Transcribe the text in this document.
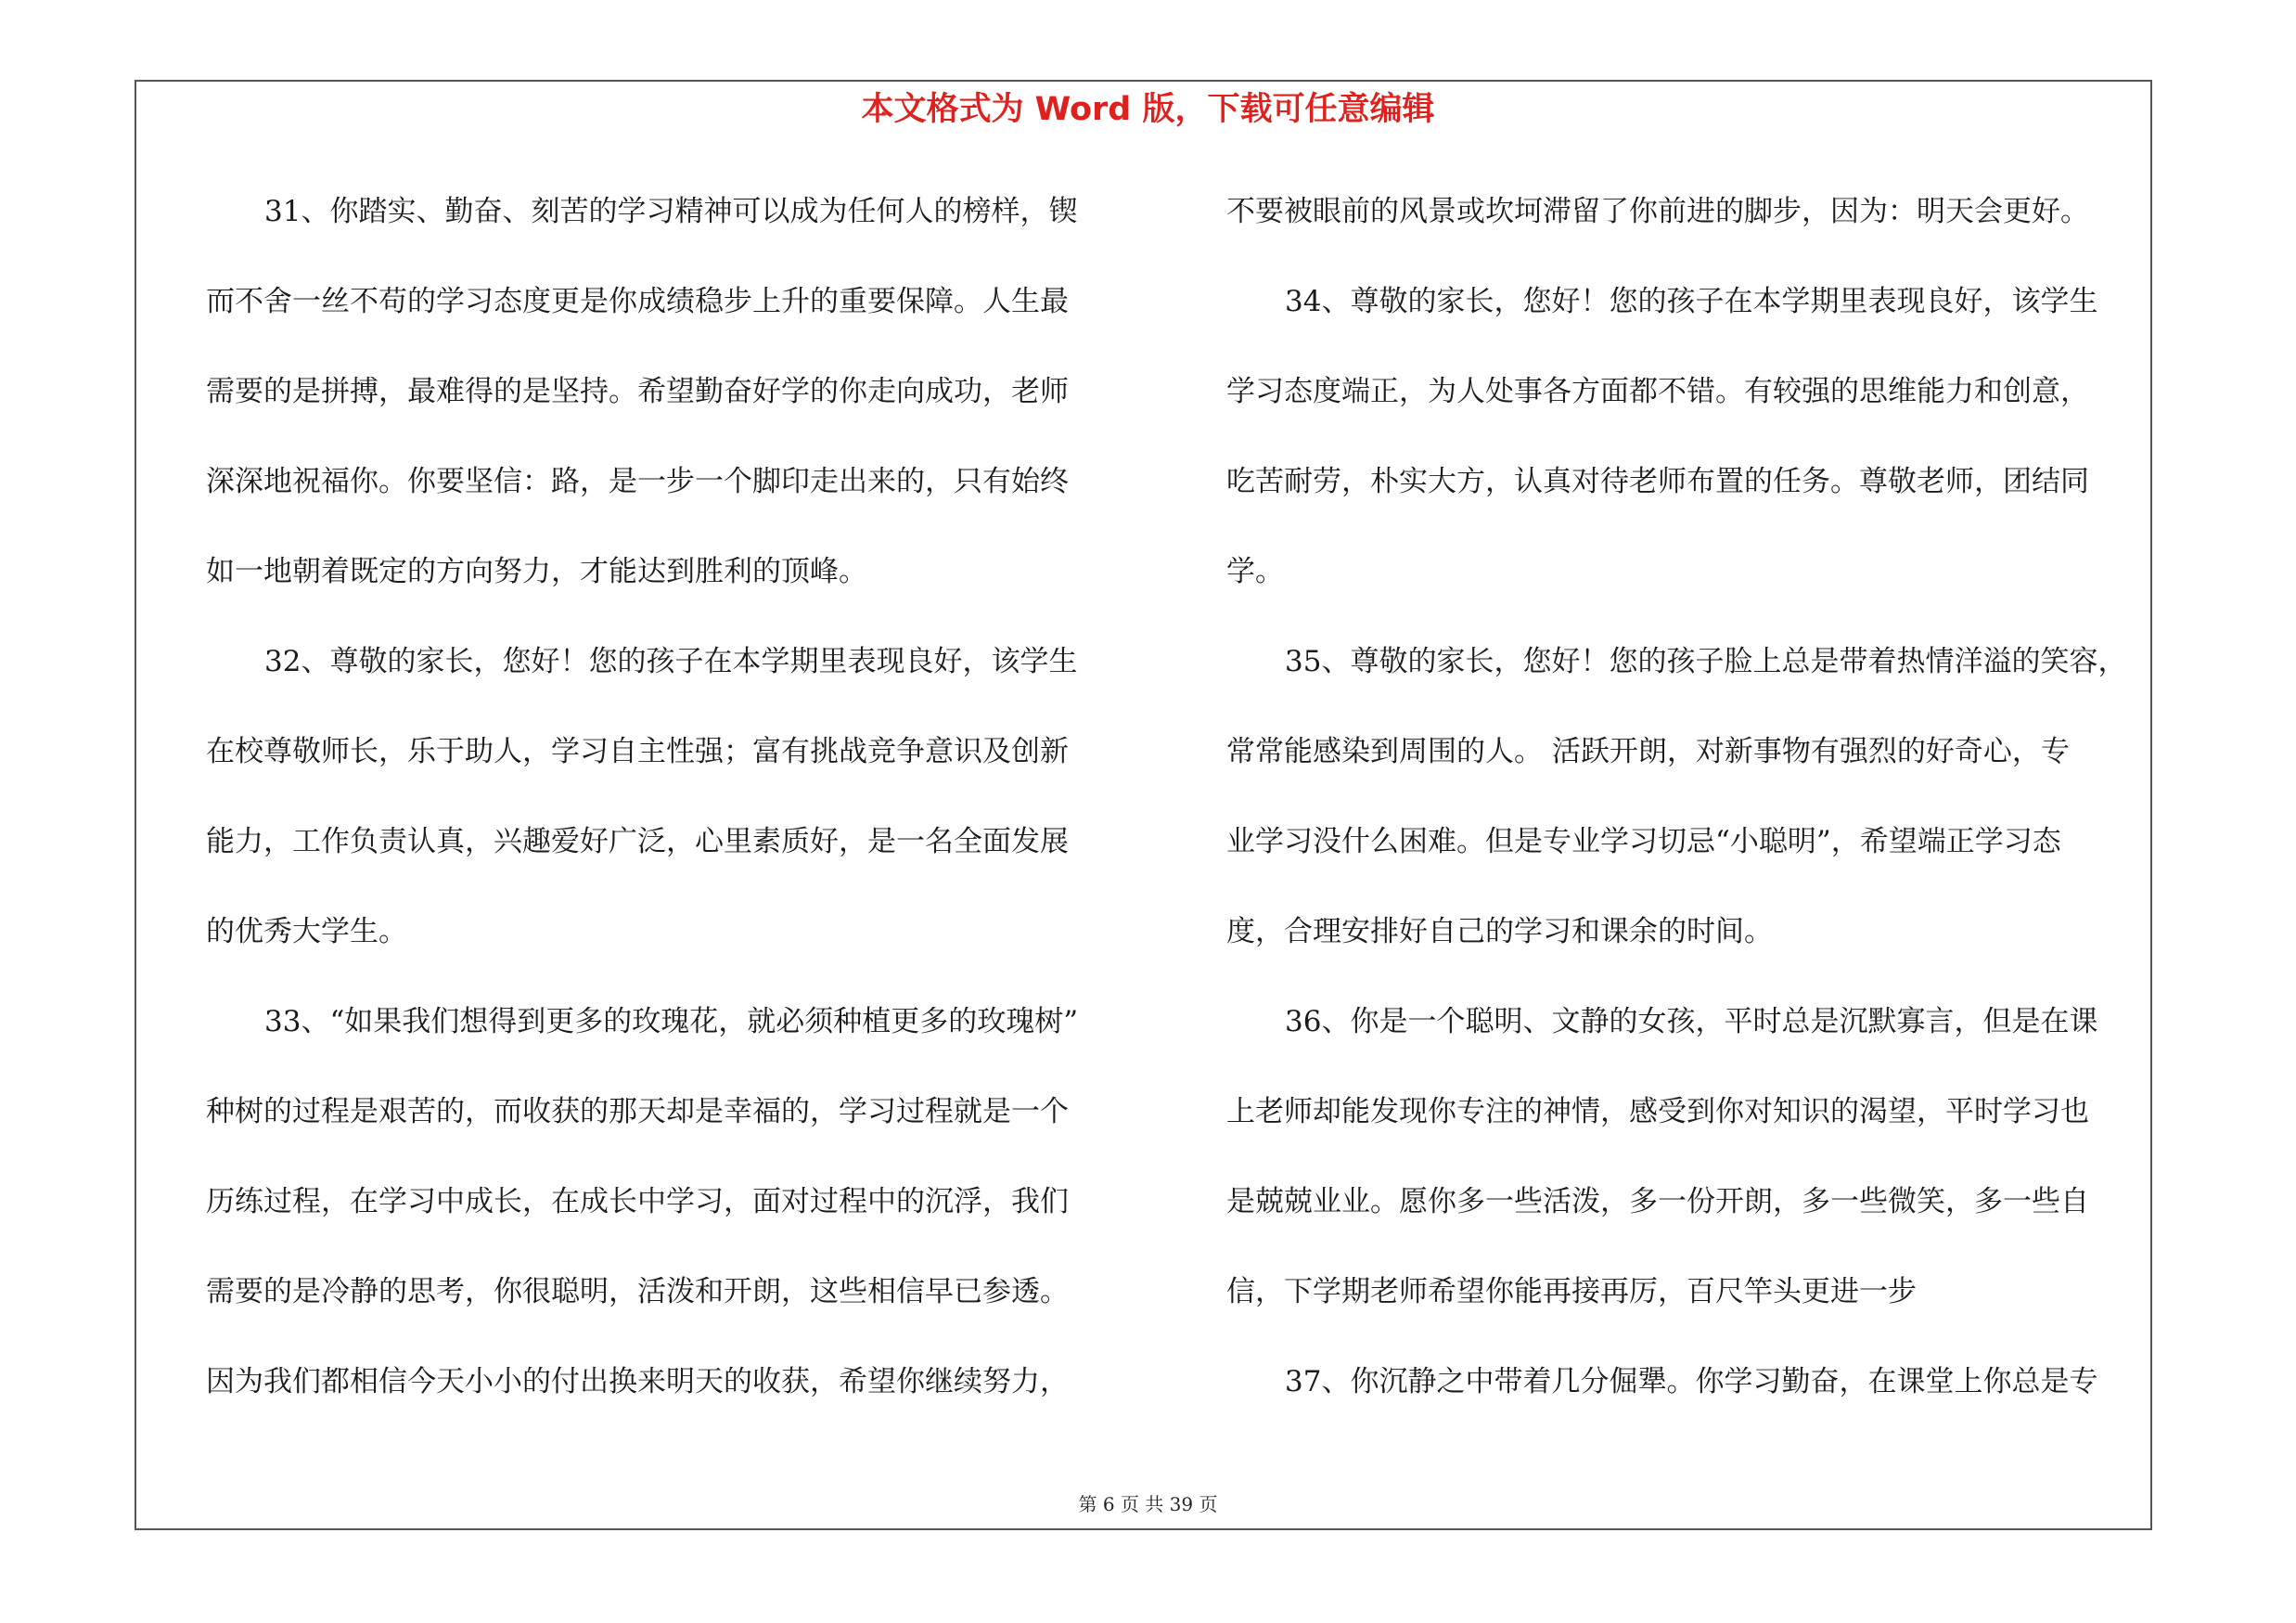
本文格式为 Word 版，下载可任意编辑
31、你踏实、勤奋、刻苦的学习精神可以成为任何人的榜样，锲
而不舍一丝不苟的学习态度更是你成绩稳步上升的重要保障。人生最
需要的是拼搏，最难得的是坚持。希望勤奋好学的你走向成功，老师
深深地祝福你。你要坚信：路，是一步一个脚印走出来的，只有始终
如一地朝着既定的方向努力，才能达到胜利的顶峰。
32、尊敬的家长，您好！您的孩子在本学期里表现良好，该学生
在校尊敬师长，乐于助人，学习自主性强；富有挑战竞争意识及创新
能力，工作负责认真，兴趣爱好广泛，心里素质好，是一名全面发展
的优秀大学生。
33、“如果我们想得到更多的玫瑰花，就必须种植更多的玫瑰树”
种树的过程是艰苦的，而收获的那天却是幸福的，学习过程就是一个
历练过程，在学习中成长，在成长中学习，面对过程中的沉浮，我们
需要的是冷静的思考，你很聪明，活泼和开朗，这些相信早已参透。
因为我们都相信今天小小的付出换来明天的收获，希望你继续努力，
不要被眼前的风景或坎坷滞留了你前进的脚步，因为：明天会更好。
34、尊敬的家长，您好！您的孩子在本学期里表现良好，该学生
学习态度端正，为人处事各方面都不错。有较强的思维能力和创意，
吃苦耐劳，朴实大方，认真对待老师布置的任务。尊敬老师，团结同
学。
35、尊敬的家长，您好！您的孩子脸上总是带着热情洋溢的笑容，
常常能感染到周围的人。 活跃开朗，对新事物有强烈的好奇心，专
业学习没什么困难。但是专业学习切忌“小聪明”，希望端正学习态
度，合理安排好自己的学习和课余的时间。
36、你是一个聪明、文静的女孩，平时总是沉默寡言，但是在课
上老师却能发现你专注的神情，感受到你对知识的渴望，平时学习也
是兢兢业业。愿你多一些活泼，多一份开朗，多一些微笑，多一些自
信，下学期老师希望你能再接再厉，百尺竿头更进一步
37、你沉静之中带着几分倔犟。你学习勤奋，在课堂上你总是专
第 6 页 共 39 页
